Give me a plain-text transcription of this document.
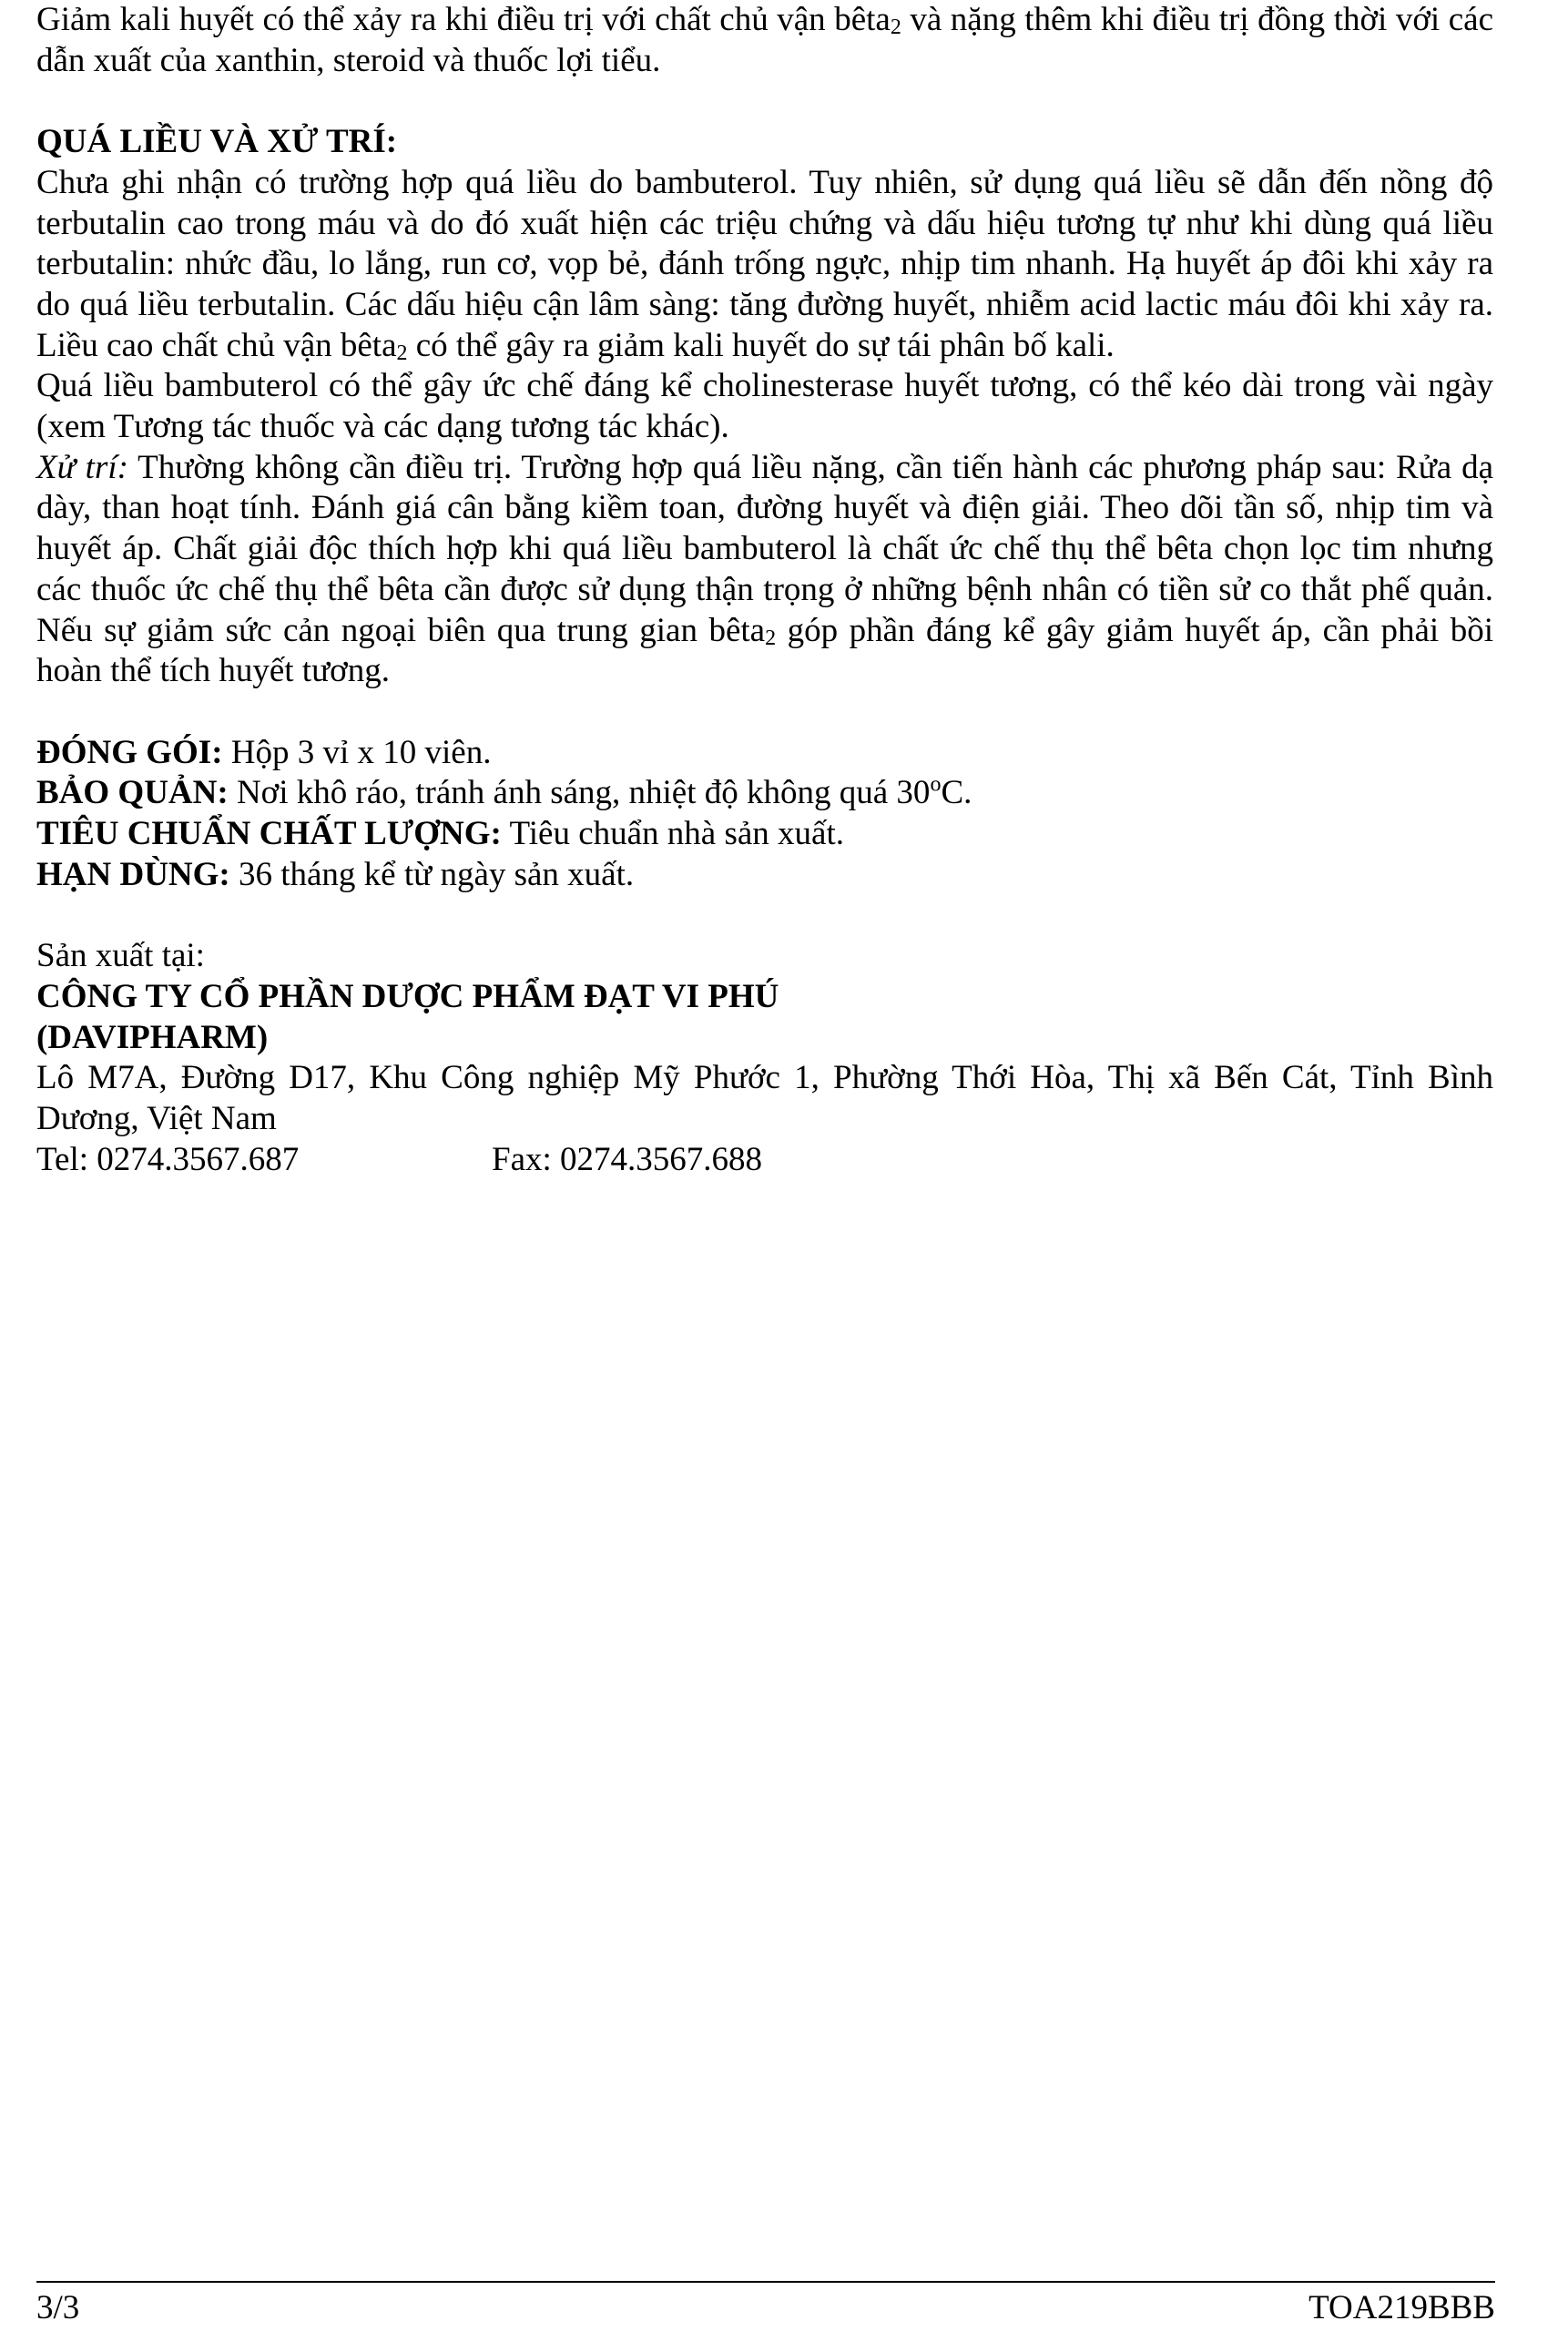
Giảm kali huyết có thể xảy ra khi điều trị với chất chủ vận bêta$_2$ và nặng thêm khi điều trị đồng thời với các dẫn xuất của xanthin, steroid và thuốc lợi tiểu.

QUÁ LIỀU VÀ XỬ TRÍ:

Chưa ghi nhận có trường hợp quá liều do bambuterol. Tuy nhiên, sử dụng quá liều sẽ dẫn đến nồng độ terbutalin cao trong máu và do đó xuất hiện các triệu chứng và dấu hiệu tương tự như khi dùng quá liều terbutalin: nhức đầu, lo lắng, run cơ, vọp bẻ, đánh trống ngực, nhịp tim nhanh. Hạ huyết áp đôi khi xảy ra do quá liều terbutalin. Các dấu hiệu cận lâm sàng: tăng đường huyết, nhiễm acid lactic máu đôi khi xảy ra. Liều cao chất chủ vận bêta$_2$ có thể gây ra giảm kali huyết do sự tái phân bố kali.

Quá liều bambuterol có thể gây ức chế đáng kể cholinesterase huyết tương, có thể kéo dài trong vài ngày (xem Tương tác thuốc và các dạng tương tác khác).

Xử trí: Thường không cần điều trị. Trường hợp quá liều nặng, cần tiến hành các phương pháp sau: Rửa dạ dày, than hoạt tính. Đánh giá cân bằng kiềm toan, đường huyết và điện giải. Theo dõi tần số, nhịp tim và huyết áp. Chất giải độc thích hợp khi quá liều bambuterol là chất ức chế thụ thể bêta chọn lọc tim nhưng các thuốc ức chế thụ thể bêta cần được sử dụng thận trọng ở những bệnh nhân có tiền sử co thắt phế quản. Nếu sự giảm sức cản ngoại biên qua trung gian bêta$_2$ góp phần đáng kể gây giảm huyết áp, cần phải bồi hoàn thể tích huyết tương.

ĐÓNG GÓI: Hộp 3 vỉ x 10 viên.

BẢO QUẢN: Nơi khô ráo, tránh ánh sáng, nhiệt độ không quá 30$^o$C.

TIÊU CHUẨN CHẤT LƯỢNG: Tiêu chuẩn nhà sản xuất.

HẠN DÙNG: 36 tháng kể từ ngày sản xuất.

Sản xuất tại:

CÔNG TY CỔ PHẦN DƯỢC PHẨM ĐẠT VI PHÚ

(DAVIPHARM)

Lô M7A, Đường D17, Khu Công nghiệp Mỹ Phước 1, Phường Thới Hòa, Thị xã Bến Cát, Tỉnh Bình Dương, Việt Nam

Tel: 0274.3567.687	Fax: 0274.3567.688
3/3	TOA219BBB
